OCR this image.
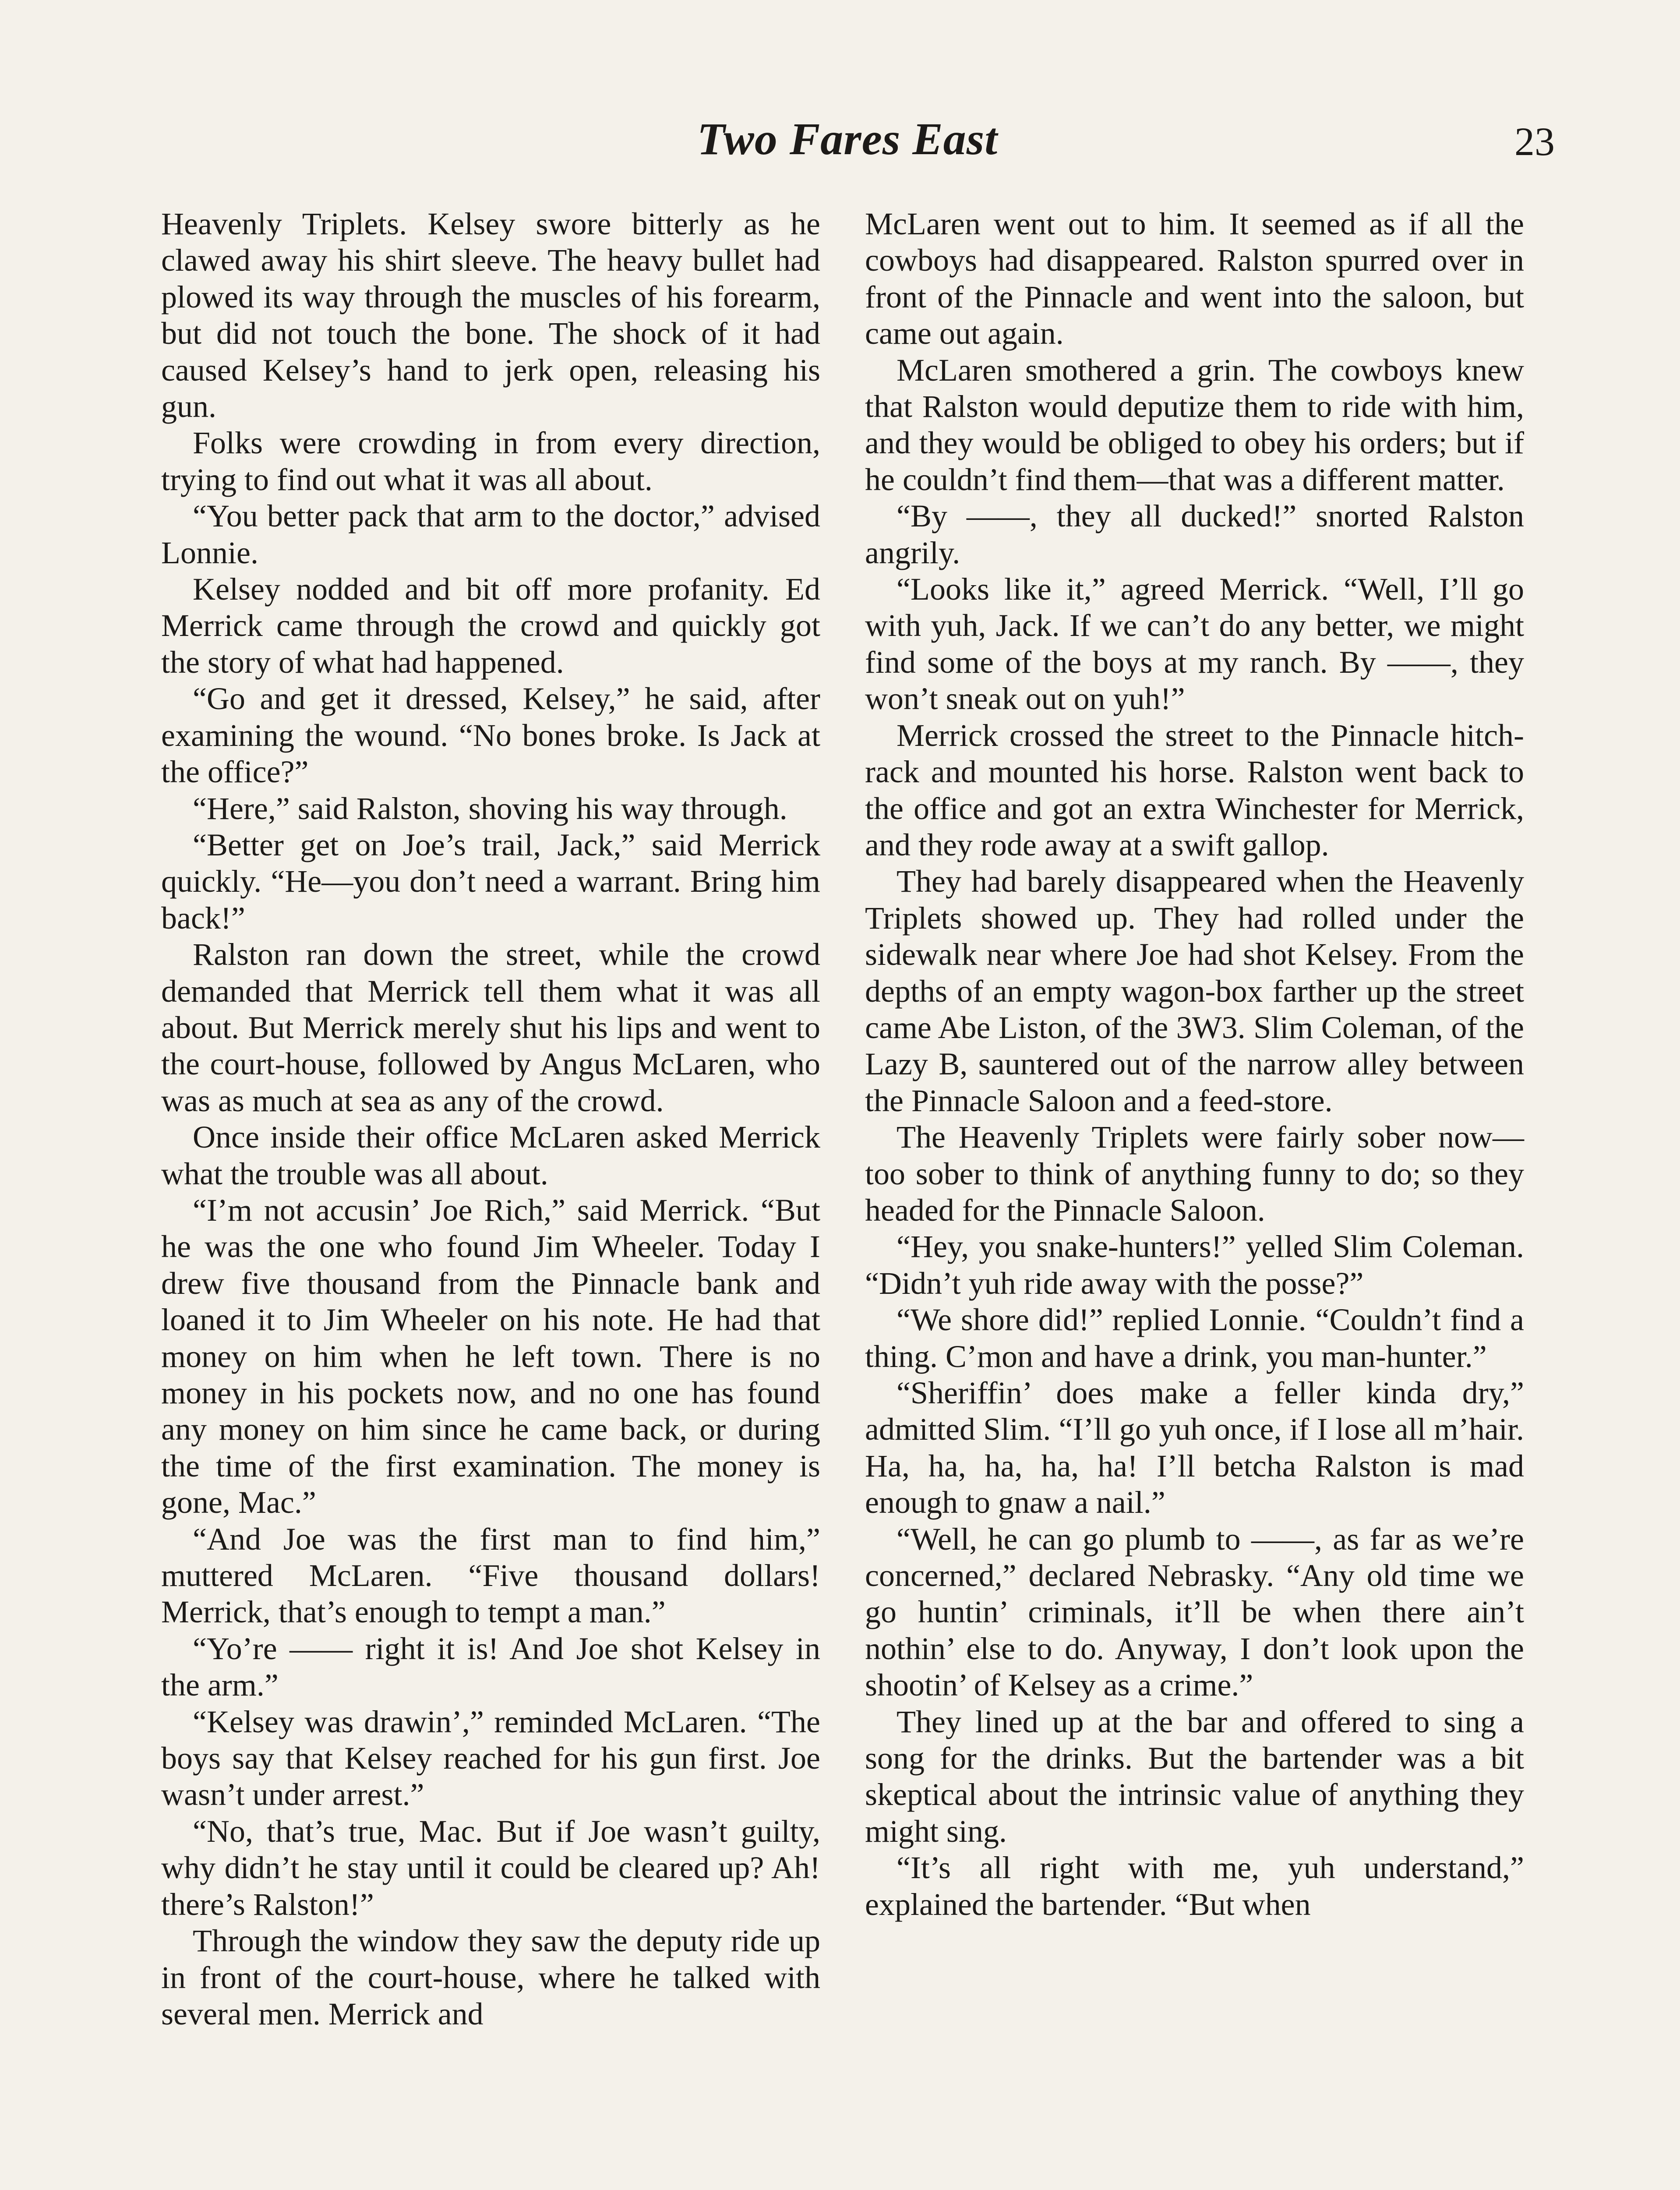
Two Fares East	23

Heavenly Triplets. Kelsey swore bitterly as he clawed away his shirt sleeve. The heavy bullet had plowed its way through the muscles of his forearm, but did not touch the bone. The shock of it had caused Kelsey’s hand to jerk open, releasing his gun.

Folks were crowding in from every direction, trying to find out what it was all about.

“You better pack that arm to the doctor,” advised Lonnie.

Kelsey nodded and bit off more profanity. Ed Merrick came through the crowd and quickly got the story of what had happened.

“Go and get it dressed, Kelsey,” he said, after examining the wound. “No bones broke. Is Jack at the office?”

“Here,” said Ralston, shoving his way through.

“Better get on Joe’s trail, Jack,” said Merrick quickly. “He—you don’t need a warrant. Bring him back!”

Ralston ran down the street, while the crowd demanded that Merrick tell them what it was all about. But Merrick merely shut his lips and went to the court-house, followed by Angus McLaren, who was as much at sea as any of the crowd.

Once inside their office McLaren asked Merrick what the trouble was all about.

“I’m not accusin’ Joe Rich,” said Merrick. “But he was the one who found Jim Wheeler. Today I drew five thousand from the Pinnacle bank and loaned it to Jim Wheeler on his note. He had that money on him when he left town. There is no money in his pockets now, and no one has found any money on him since he came back, or during the time of the first examination. The money is gone, Mac.”

“And Joe was the first man to find him,” muttered McLaren. “Five thousand dollars! Merrick, that’s enough to tempt a man.”

“Yo’re —— right it is! And Joe shot Kelsey in the arm.”

“Kelsey was drawin’,” reminded McLaren. “The boys say that Kelsey reached for his gun first. Joe wasn’t under arrest.”

“No, that’s true, Mac. But if Joe wasn’t guilty, why didn’t he stay until it could be cleared up? Ah! there’s Ralston!”

Through the window they saw the deputy ride up in front of the court-house, where he talked with several men. Merrick and

McLaren went out to him. It seemed as if all the cowboys had disappeared. Ralston spurred over in front of the Pinnacle and went into the saloon, but came out again.

McLaren smothered a grin. The cowboys knew that Ralston would deputize them to ride with him, and they would be obliged to obey his orders; but if he couldn’t find them—that was a different matter.

“By ——, they all ducked!” snorted Ralston angrily.

“Looks like it,” agreed Merrick. “Well, I’ll go with yuh, Jack. If we can’t do any better, we might find some of the boys at my ranch. By ——, they won’t sneak out on yuh!”

Merrick crossed the street to the Pinnacle hitch-rack and mounted his horse. Ralston went back to the office and got an extra Winchester for Merrick, and they rode away at a swift gallop.

They had barely disappeared when the Heavenly Triplets showed up. They had rolled under the sidewalk near where Joe had shot Kelsey. From the depths of an empty wagon-box farther up the street came Abe Liston, of the 3W3. Slim Coleman, of the Lazy B, sauntered out of the narrow alley between the Pinnacle Saloon and a feed-store.

The Heavenly Triplets were fairly sober now—too sober to think of anything funny to do; so they headed for the Pinnacle Saloon.

“Hey, you snake-hunters!” yelled Slim Coleman. “Didn’t yuh ride away with the posse?”

“We shore did!” replied Lonnie. “Couldn’t find a thing. C’mon and have a drink, you man-hunter.”

“Sheriffin’ does make a feller kinda dry,” admitted Slim. “I’ll go yuh once, if I lose all m’hair. Ha, ha, ha, ha, ha! I’ll betcha Ralston is mad enough to gnaw a nail.”

“Well, he can go plumb to ——, as far as we’re concerned,” declared Nebrasky. “Any old time we go huntin’ criminals, it’ll be when there ain’t nothin’ else to do. Anyway, I don’t look upon the shootin’ of Kelsey as a crime.”

They lined up at the bar and offered to sing a song for the drinks. But the bartender was a bit skeptical about the intrinsic value of anything they might sing.

“It’s all right with me, yuh understand,” explained the bartender. “But when
